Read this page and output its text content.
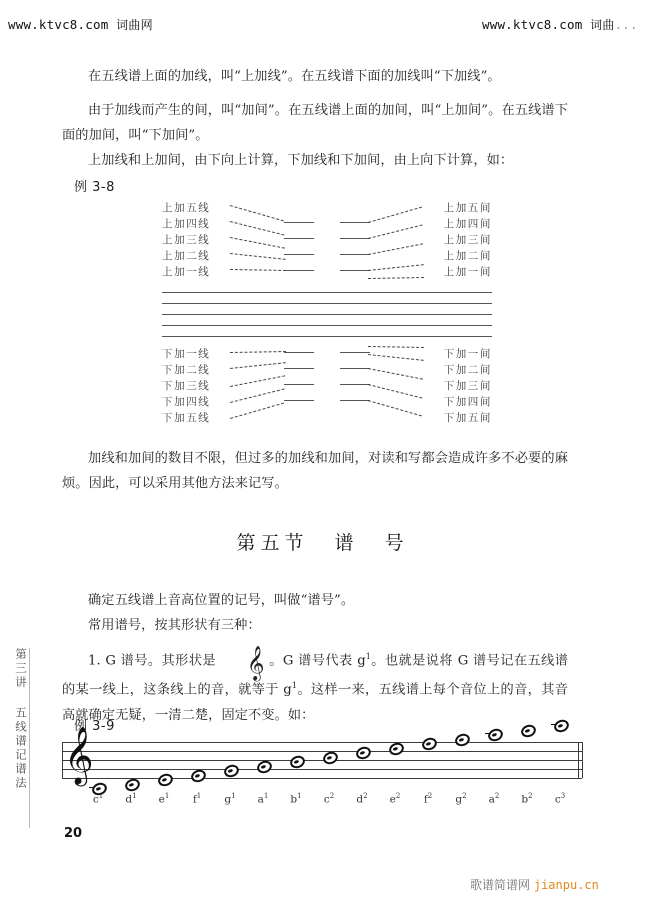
www.ktvc8.com 词曲网	www.ktvc8.com 词曲...
第三讲 五线谱记谱法

在五线谱上面的加线，叫“上加线”。在五线谱下面的加线叫“下加线”。

由于加线而产生的间，叫“加间”。在五线谱上面的加间，叫“上加间”。在五线谱下面的加间，叫“下加间”。

上加线和上加间，由下向上计算，下加线和下加间，由上向下计算，如：

例 3-8
上加五线
上加四线
上加三线
上加二线
上加一线
上加五间
上加四间
上加三间
上加二间
上加一间
下加一线
下加二线
下加三线
下加四线
下加五线
下加一间
下加二间
下加三间
下加四间
下加五间

加线和加间的数目不限，但过多的加线和加间，对读和写都会造成许多不必要的麻烦。因此，可以采用其他方法来记写。

第五节 谱 号

确定五线谱上音高位置的记号，叫做“谱号”。

常用谱号，按其形状有三种：

1. G 谱号。其形状是 𝄞 。G 谱号代表 $g^1$。也就是说将 G 谱号记在五线谱的某一线上，这条线上的音，就等于 $g^1$。这样一来，五线谱上每个音位上的音，其音高就确定无疑，一清二楚，固定不变。如：

例 3-9
𝄞
$c^1$	$d^1$	$e^1$	$f^1$	$g^1$	$a^1$	$b^1$	$c^2$	$d^2$	$e^2$	$f^2$	$g^2$	$a^2$	$b^2$	$c^3$
20
歌谱简谱网 jianpu.cn
